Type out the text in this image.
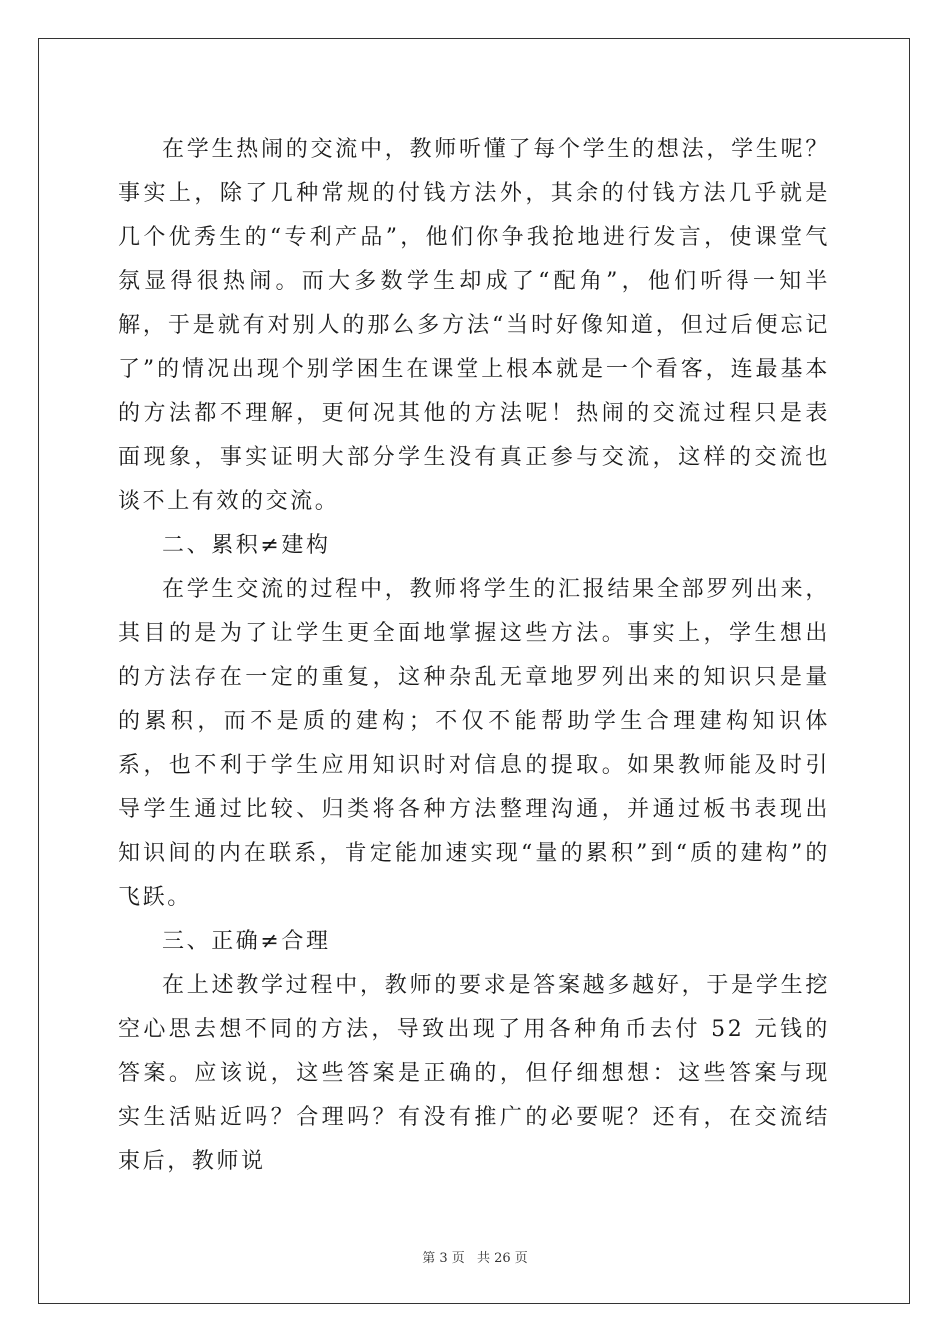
在学生热闹的交流中，教师听懂了每个学生的想法，学生呢？事实上，除了几种常规的付钱方法外，其余的付钱方法几乎就是几个优秀生的“专利产品”，他们你争我抢地进行发言，使课堂气氛显得很热闹。而大多数学生却成了“配角”，他们听得一知半解，于是就有对别人的那么多方法“当时好像知道，但过后便忘记了”的情况出现个别学困生在课堂上根本就是一个看客，连最基本的方法都不理解，更何况其他的方法呢！热闹的交流过程只是表面现象，事实证明大部分学生没有真正参与交流，这样的交流也谈不上有效的交流。

二、累积≠建构

在学生交流的过程中，教师将学生的汇报结果全部罗列出来，其目的是为了让学生更全面地掌握这些方法。事实上，学生想出的方法存在一定的重复，这种杂乱无章地罗列出来的知识只是量的累积，而不是质的建构；不仅不能帮助学生合理建构知识体系，也不利于学生应用知识时对信息的提取。如果教师能及时引导学生通过比较、归类将各种方法整理沟通，并通过板书表现出知识间的内在联系，肯定能加速实现“量的累积”到“质的建构”的飞跃。

三、正确≠合理

在上述教学过程中，教师的要求是答案越多越好，于是学生挖空心思去想不同的方法，导致出现了用各种角币去付 52 元钱的答案。应该说，这些答案是正确的，但仔细想想：这些答案与现实生活贴近吗？合理吗？有没有推广的必要呢？还有，在交流结束后，教师说

第 3 页 共 26 页
